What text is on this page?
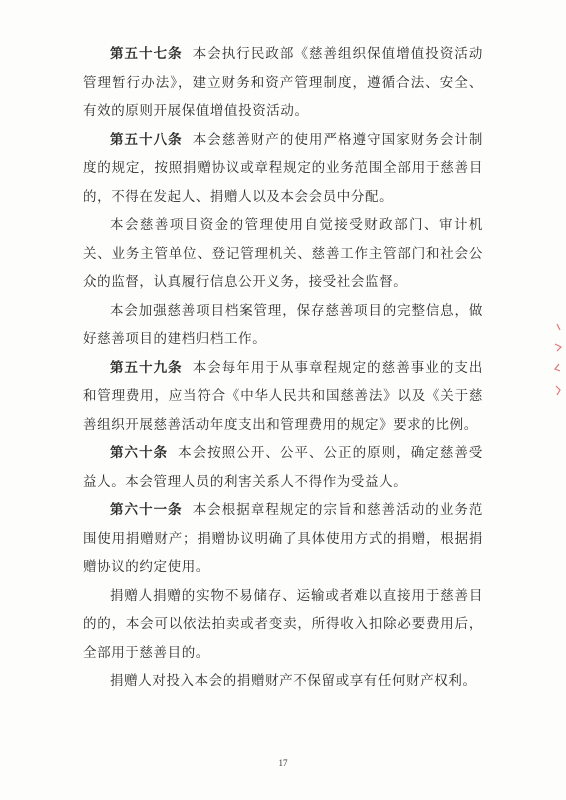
第五十七条 本会执行民政部《慈善组织保值增值投资活动管理暂行办法》，建立财务和资产管理制度，遵循合法、安全、有效的原则开展保值增值投资活动。

第五十八条 本会慈善财产的使用严格遵守国家财务会计制度的规定，按照捐赠协议或章程规定的业务范围全部用于慈善目的，不得在发起人、捐赠人以及本会会员中分配。

本会慈善项目资金的管理使用自觉接受财政部门、审计机关、业务主管单位、登记管理机关、慈善工作主管部门和社会公众的监督，认真履行信息公开义务，接受社会监督。

本会加强慈善项目档案管理，保存慈善项目的完整信息，做好慈善项目的建档归档工作。

第五十九条 本会每年用于从事章程规定的慈善事业的支出和管理费用，应当符合《中华人民共和国慈善法》以及《关于慈善组织开展慈善活动年度支出和管理费用的规定》要求的比例。

第六十条 本会按照公开、公平、公正的原则，确定慈善受益人。本会管理人员的利害关系人不得作为受益人。

第六十一条 本会根据章程规定的宗旨和慈善活动的业务范围使用捐赠财产；捐赠协议明确了具体使用方式的捐赠，根据捐赠协议的约定使用。

捐赠人捐赠的实物不易储存、运输或者难以直接用于慈善目的的，本会可以依法拍卖或者变卖，所得收入扣除必要费用后，全部用于慈善目的。

捐赠人对投入本会的捐赠财产不保留或享有任何财产权利。

17
